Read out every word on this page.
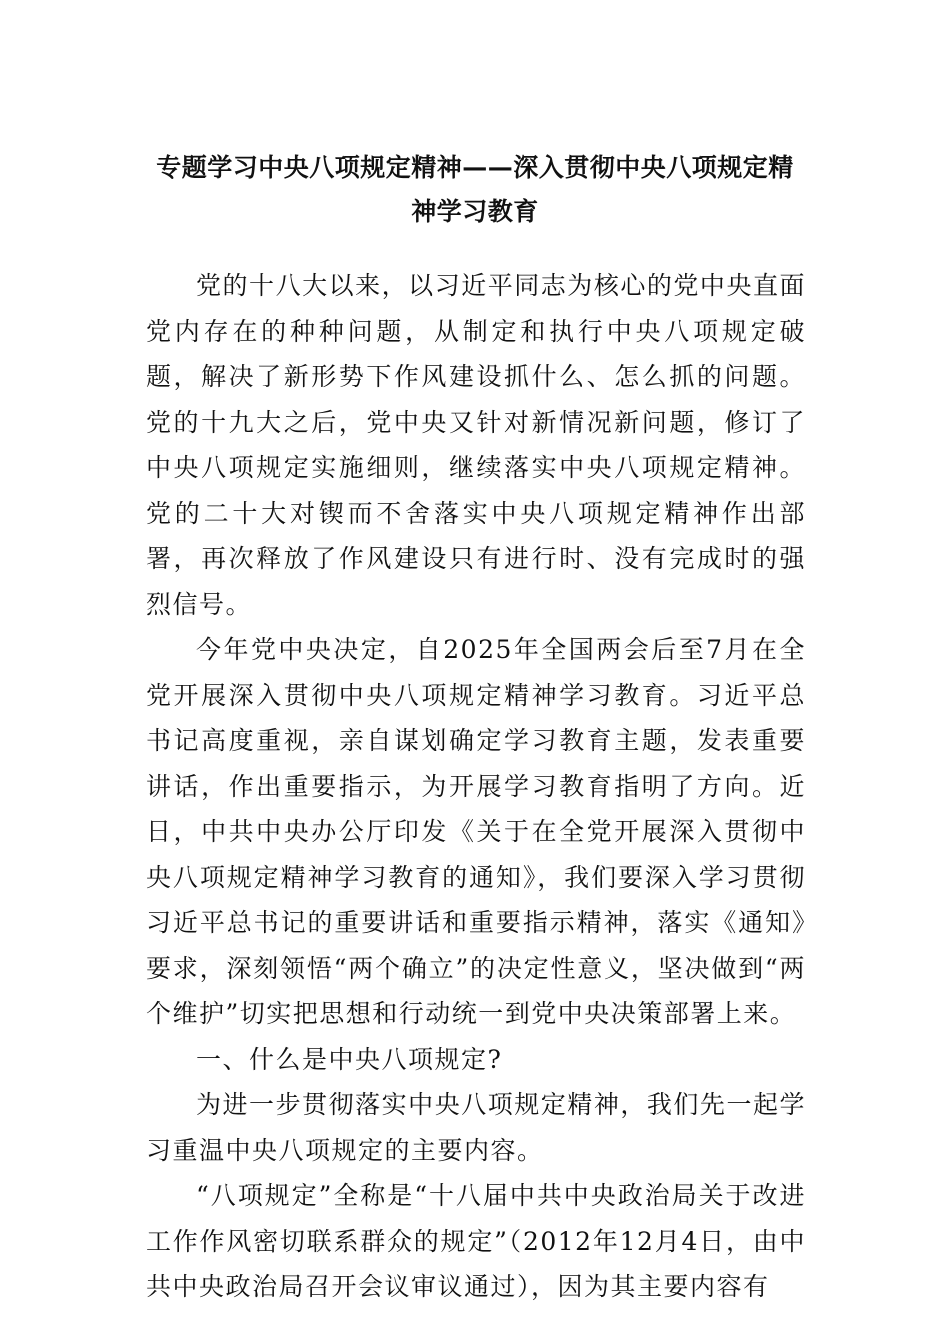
专题学习中央八项规定精神——深入贯彻中央八项规定精
神学习教育

党的十八大以来，以习近平同志为核心的党中央直面党内存在的种种问题，从制定和执行中央八项规定破题，解决了新形势下作风建设抓什么、怎么抓的问题。党的十九大之后，党中央又针对新情况新问题，修订了中央八项规定实施细则，继续落实中央八项规定精神。党的二十大对锲而不舍落实中央八项规定精神作出部署，再次释放了作风建设只有进行时、没有完成时的强烈信号。

今年党中央决定，自2025年全国两会后至7月在全党开展深入贯彻中央八项规定精神学习教育。习近平总书记高度重视，亲自谋划确定学习教育主题，发表重要讲话，作出重要指示，为开展学习教育指明了方向。近日，中共中央办公厅印发《关于在全党开展深入贯彻中央八项规定精神学习教育的通知》，我们要深入学习贯彻习近平总书记的重要讲话和重要指示精神，落实《通知》要求，深刻领悟“两个确立”的决定性意义，坚决做到“两个维护”切实把思想和行动统一到党中央决策部署上来。

一、什么是中央八项规定?

为进一步贯彻落实中央八项规定精神，我们先一起学习重温中央八项规定的主要内容。

“八项规定”全称是“十八届中共中央政治局关于改进工作作风密切联系群众的规定”（2012年12月4日，由中共中央政治局召开会议审议通过），因为其主要内容有
